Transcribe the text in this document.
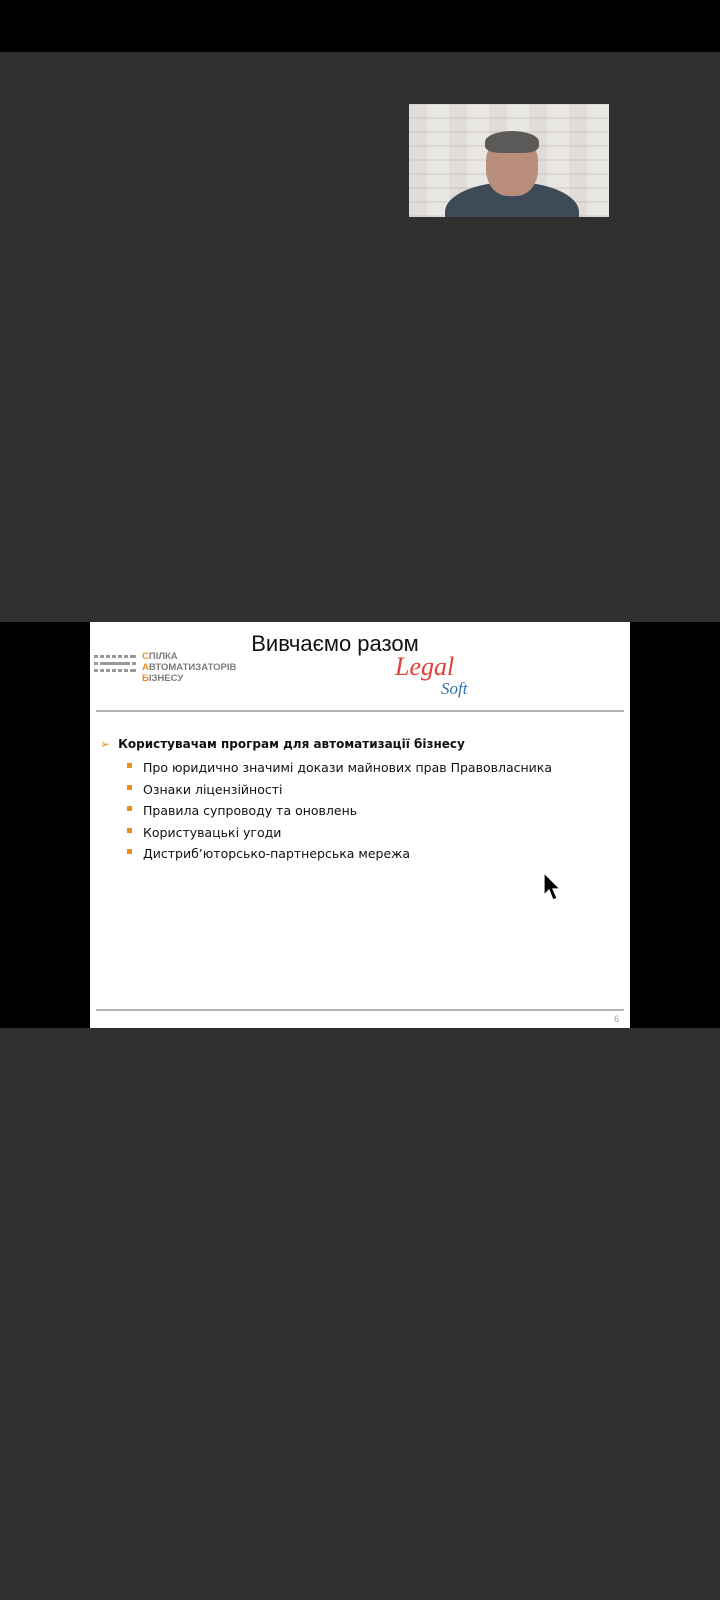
Вивчаємо разом
СПІЛКА
АВТОМАТИЗАТОРІВ
БІЗНЕСУ	Legal
Soft
➢ Користувачам програм для автоматизації бізнесу
Про юридично значимі докази майнових прав Правовласника
Ознаки ліцензійності
Правила супроводу та оновлень
Користувацькі угоди
Дистриб’юторсько-партнерська мережа
6
